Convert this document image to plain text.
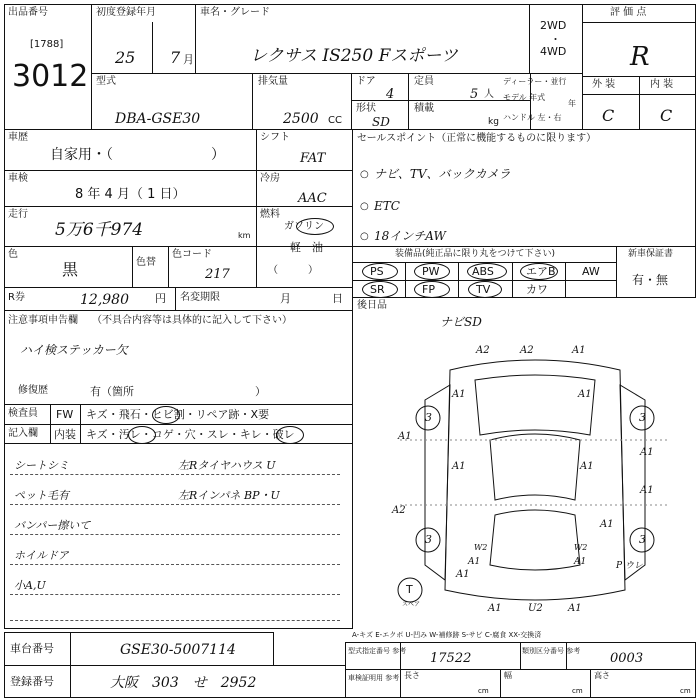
出品番号
[1788]
3012
初度登録年月
25 7 月
車名・グレード
レクサス IS250 Fスポーツ
2WD
・
4WD
評 価 点
R
外 装	内 装
C	C
型式
DBA-GSE30
排気量
2500 CC
ドア
4
定員
5 人
形状
SD
積載
kg
ディーラー・並行
モデル 年式
年
ハンドル 左・右
車歴
自家用・（　　　　　　　）
シフト
FAT
車検
8 年 4 月（ 1 日）
冷房
AAC
走行
5万6千974	km
燃料
ガソリン
軽　油
（　　　）
色
黒	色替
色コード
217
R券	12,980 円 名変期限	月	日
セールスポイント（正常に機能するものに限ります）
○ ナビ、TV、バックカメラ
○ ETC
○ 18インチAW
装備品(純正品に限り丸をつけて下さい)	新車保証書
有・無
PS	PW	ABS	エアB AW
SR	FP	TV	カワ
後日品
ナビSD
注意事項申告欄 （不具合内容等は具体的に記入して下さい）
ハイ検ステッカー欠
修復歴	有（箇所　　　　　　　　　　　）
検査員
記入欄
FW キズ・飛石・ヒビ割・リペア跡・X要
内装 キズ・汚レ・コゲ・穴・スレ・キレ・破レ
シートシミ
ペット毛有
バンパー擦いて
ホイルドア
小A,U
左Rタイヤハウス U
左Rインパネ BP・U
A2	A2	A1
A1	A1
A1
A1
A1	A1
A1
A2
W2
A1	A1
W2
A1
A1	U2	A1
A1
3	3
3	3
T
スペア
P ウレ
A-キズ E-エクボ U-凹み W-補修跡 S-サビ C-腐食 XX-交換済
車台番号	GSE30-5007114
登録番号	大阪　303　せ　2952
型式指定番号 参考 17522	類別区分番号 参考 0003
車検証明用 参考 長さ
cm
幅
cm
高さ
cm
